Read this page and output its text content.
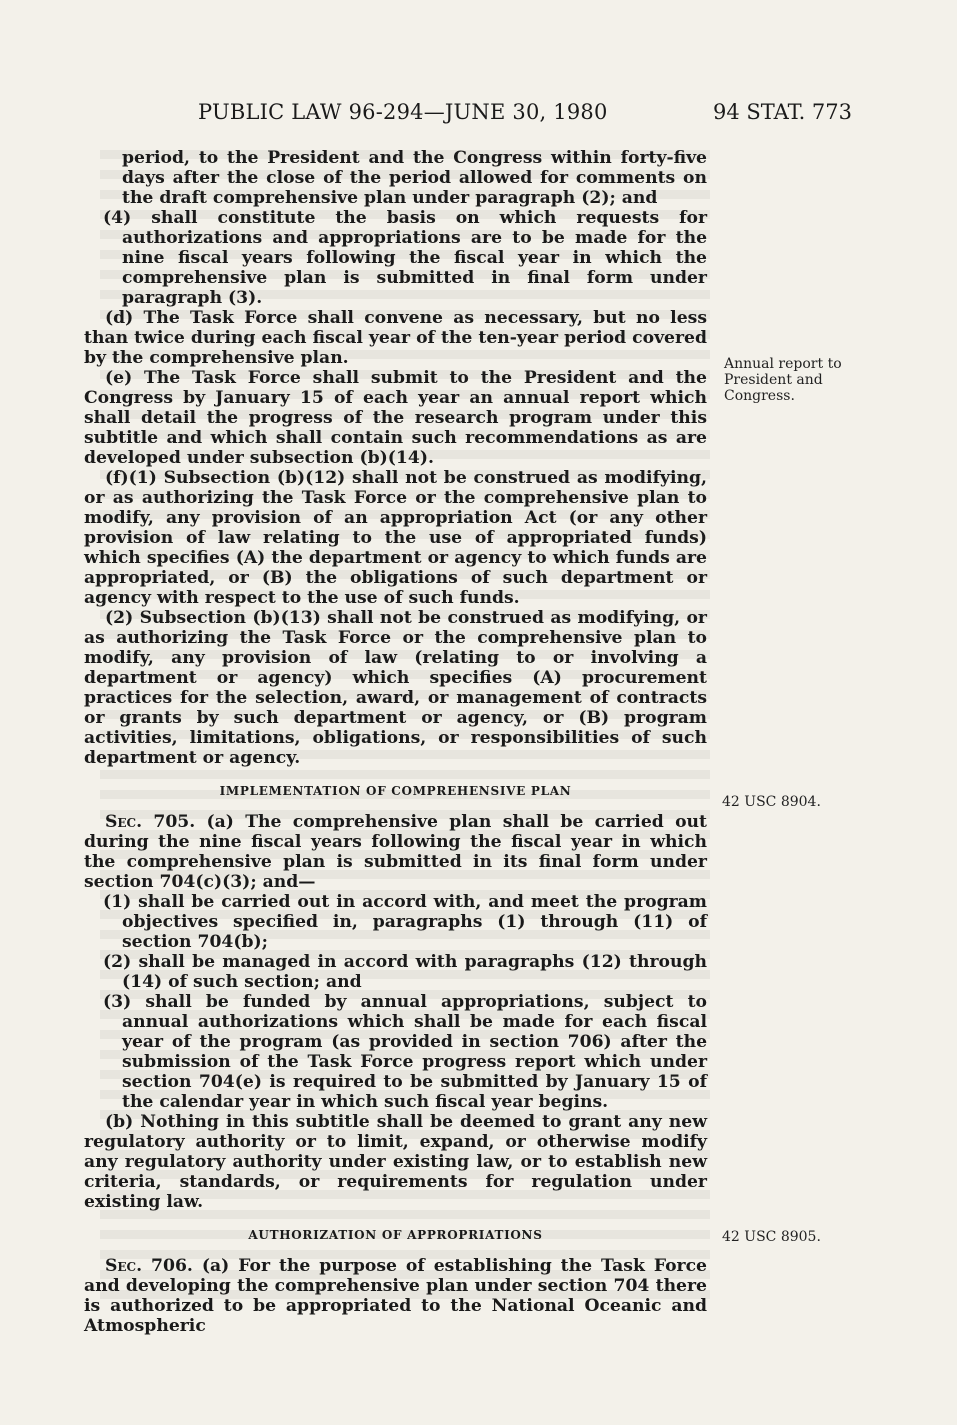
PUBLIC LAW 96-294—JUNE 30, 1980	94 STAT. 773

period, to the President and the Congress within forty-five days after the close of the period allowed for comments on the draft comprehensive plan under paragraph (2); and

(4) shall constitute the basis on which requests for authorizations and appropriations are to be made for the nine fiscal years following the fiscal year in which the comprehensive plan is submitted in final form under paragraph (3).

(d) The Task Force shall convene as necessary, but no less than twice during each fiscal year of the ten-year period covered by the comprehensive plan.

(e) The Task Force shall submit to the President and the Congress by January 15 of each year an annual report which shall detail the progress of the research program under this subtitle and which shall contain such recommendations as are developed under subsection (b)(14).

(f)(1) Subsection (b)(12) shall not be construed as modifying, or as authorizing the Task Force or the comprehensive plan to modify, any provision of an appropriation Act (or any other provision of law relating to the use of appropriated funds) which specifies (A) the department or agency to which funds are appropriated, or (B) the obligations of such department or agency with respect to the use of such funds.

(2) Subsection (b)(13) shall not be construed as modifying, or as authorizing the Task Force or the comprehensive plan to modify, any provision of law (relating to or involving a department or agency) which specifies (A) procurement practices for the selection, award, or management of contracts or grants by such department or agency, or (B) program activities, limitations, obligations, or responsibilities of such department or agency.

IMPLEMENTATION OF COMPREHENSIVE PLAN

Sec. 705. (a) The comprehensive plan shall be carried out during the nine fiscal years following the fiscal year in which the comprehensive plan is submitted in its final form under section 704(c)(3); and—

(1) shall be carried out in accord with, and meet the program objectives specified in, paragraphs (1) through (11) of section 704(b);

(2) shall be managed in accord with paragraphs (12) through (14) of such section; and

(3) shall be funded by annual appropriations, subject to annual authorizations which shall be made for each fiscal year of the program (as provided in section 706) after the submission of the Task Force progress report which under section 704(e) is required to be submitted by January 15 of the calendar year in which such fiscal year begins.

(b) Nothing in this subtitle shall be deemed to grant any new regulatory authority or to limit, expand, or otherwise modify any regulatory authority under existing law, or to establish new criteria, standards, or requirements for regulation under existing law.

AUTHORIZATION OF APPROPRIATIONS

Sec. 706. (a) For the purpose of establishing the Task Force and developing the comprehensive plan under section 704 there is authorized to be appropriated to the National Oceanic and Atmospheric

Annual report to President and Congress.
42 USC 8904.
42 USC 8905.
